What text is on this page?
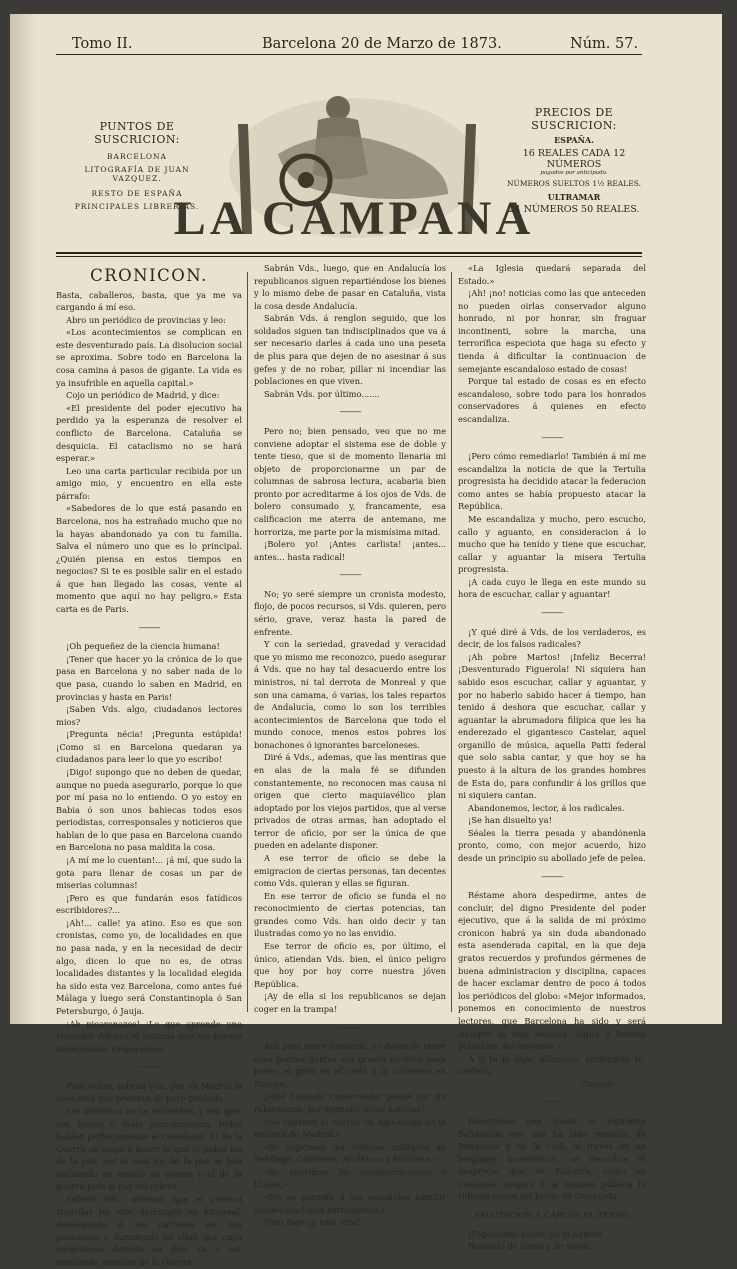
Tomo II.	Barcelona 20 de Marzo de 1873.	Núm. 57.
PUNTOS DE SUSCRICION:
BARCELONA
LITOGRAFÍA DE JUAN VAZQUEZ.
RESTO DE ESPAÑA
PRINCIPALES LIBRERÍAS.
LA CAMPANA
PRECIOS DE SUSCRICION:
ESPAÑA.
16 REALES CADA 12 NÚMEROS
pagados por anticipado.
NÚMEROS SUELTOS 1½ REALES.
ULTRAMAR
24 NÚMEROS 50 REALES.
CRONICON.

Basta, caballeros, basta, que ya me va cargando á mí eso.

Abro un periódico de provincias y leo:

«Los acontecimientos se complican en este desventurado país. La disolucion social se aproxima. Sobre todo en Barcelona la cosa camina á pasos de gigante. La vida es ya insufrible en aquella capital.»

Cojo un periódico de Madrid, y dice:

«El presidente del poder ejecutivo ha perdido ya la esperanza de resolver el conflicto de Barcelona. Cataluña se desquicia. El cataclismo no se hará esperar.»

Leo una carta particular recibida por un amigo mio, y encuentro en ella este párrafo:

«Sabedores de lo que está pasando en Barcelona, nos ha estrañado mucho que no la hayas abandonado ya con tu familia. Salva el número uno que es lo principal. ¿Quién piensa en estos tiempos en negocios? Si te es posible salir en el estado á que han llegado las cosas, vente al momento que aquí no hay peligro.» Esta carta es de Paris.

———

¡Oh pequeñez de la ciencia humana!

¡Tener que hacer yo la crónica de lo que pasa en Barcelona y no saber nada de lo que pasa, cuando lo saben en Madrid, en provincias y hasta en Paris!

¡Saben Vds. algo, ciudadanos lectores mios?

¡Pregunta nécia! ¡Pregunta estúpida! ¡Como si en Barcelona quedaran ya ciudadanos para leer lo que yo escribo!

¡Digo! supongo que no deben de quedar, aunque no pueda asegurarlo, porque lo que por mí pasa no lo entiendo. O yo estoy en Babia ó son unos bahiecas todos esos periodistas, corresponsales y noticieros que hablan de lo que pasa en Barcelona cuando en Barcelona no pasa maldita la cosa.

¡A mí me lo cuentan!... ¡á mí, que sudo la gota para llenar de cosas un par de miserias columnas!

¡Pero es que fundarán esos fatídicos escribidores?...

¡Ah!... calle! ya atino. Eso es que son cronistas, como yo, de localidades en que no pasa nada, y en la necesidad de decir algo, dicen lo que no es, de otras localidades distantes y la localidad elegida ha sido esta vez Barcelona, como antes fué Málaga y luego será Constantinopla ó San Petersburgo, ó Jauja.

¡Ah picaronazos! ¡Lo que aprende uno viviendo! Adopto el sistema que me parece inmejorable. Empecemos.

———

Pues señor, sabrán Vds. que en Madrid la cosa está que revienta de puro preñada.

Los ministros no se entienden, y eso que, con buena ó mala pronunciacion, todos hablan perfectamente el castellano. El de la Guerra se niega á hacer lo que le piden los de la paz, por lo cual los de la paz se han declarado en estado de guerra y el de la guerra pide la par del relevo.

Sabrán Vds., ademas, que el general Nouvilas ha sido derrotado en Monreal, desalojando á los carlistas de sus posiciones y durmiendo en ellas, por cuya vergonzosa derrota se dice va á ser nombrado ministro de la Guerra.

Sabrán Vds., luego, que en Andalucía los republicanos siguen repartiéndose los bienes y lo mismo debe de pasar en Cataluña, vista la cosa desde Andalucía.

Sabrán Vds. á renglon seguido, que los soldados siguen tan indisciplinados que va á ser necesario darles á cada uno una peseta de plus para que dejen de no asesinar á sus gefes y de no robar, pillar ni incendiar las poblaciones en que viven.

Sabrán Vds. por último.......

———

Pero no; bien pensado, veo que no me conviene adoptar el sistema ese de doble y tente tieso, que si de momento llenaria mi objeto de proporcionarme un par de columnas de sabrosa lectura, acabaria bien pronto por acreditarme á los ojos de Vds. de bolero consumado y, francamente, esa calificacion me aterra de antemano, me horroriza, me parte por la mismísima mitad.

¡Bolero yo! ¡Antes carlista! ¡antes... antes... hasta radical!

———

No; yo seré siempre un cronista modesto, flojo, de pocos recursos, si Vds. quieren, pero sério, grave, veraz hasta la pared de enfrente.

Y con la seriedad, gravedad y veracidad que yo mismo me reconozco, puedo asegurar á Vds. que no hay tal desacuerdo entre los ministros, ni tal derrota de Monreal y que son una camama, ó varias, los tales repartos de Andalucía, como lo son los terribles acontecimientos de Barcelona que todo el mundo conoce, menos estos pobres los bonachones ó ignorantes barceloneses.

Diré á Vds., ademas, que las mentiras que en alas de la mala fé se difunden constantemente, no reconocen mas causa ni origen que cierto maquiavélico plan adoptado por los viejos partidos, que al verse privados de otras armas, han adoptado el terror de oficio, por ser la única de que pueden en adelante disponer.

A ese terror de oficio se debe la emigracion de ciertas personas, tan decentes como Vds. quieran y ellas se figuran.

En ese terror de oficio se funda el no reconocimiento de ciertas potencias, tan grandes como Vds. han oido decir y tan ilustradas como yo no las envidio.

Ese terror de oficio es, por último, el único, atiendan Vds. bien, el único peligro que hoy por hoy corre nuestra jóven República.

¡Ay de ella si los republicanos se dejan coger en la trampa!

———

Acá para entre nosotros, no dejan de tener esas pobres gentes sus graves motivos para poner el grito en el cielo y la calumnia en Europa.

¿Qué honrado conservador puede oir sin ruborizarse, por ejemplo, estas noticias?

«Se suprime el cuerpo de bips-dalgo de la nobleza de Madrid.»

«Se suprimen las órdenes militares de Santiago, Calatrava, Alcántara y Montesa.»

«Se suprimen las condecoraciones y títulos.»

«No se permite á los españoles admitir condecoraciones extrangeras.»

Pues digo ¿y esta otra?

«La Iglesia quedará separada del Estado.»

¡Ah! ¡no! noticias como las que anteceden no pueden oirlas conservador alguno honrado, ni por honrar, sin fraguar incontinenti, sobre la marcha, una terrorífica especiota que haga su efecto y tienda á dificultar la continuacion de semejante escandaloso estado de cosas!

Porque tal estado de cosas es en efecto escandaloso, sobre todo para los honrados conservadores á quienes en efecto escandaliza.

———

¡Pero cómo remediarlo! También á mí me escandaliza la noticia de que la Tertulia progresista ha decidido atacar la federacion como antes se había propuesto atacar la República.

Me escandaliza y mucho, pero escucho, callo y aguanto, en consideracion á lo mucho que ha tenido y tiene que escuchar, callar y aguantar la misera Tertulia progresista.

¡A cada cuyo le llega en este mundo su hora de escuchar, callar y aguantar!

———

¡Y qué diré á Vds. de los verdaderos, es decir, de los falsos radicales?

¡Ah pobre Martos! ¡Infeliz Becerra! ¡Desventurado Figuerola! Ni siquiera han sabido esos escuchar, callar y aguantar, y por no haberlo sabido hacer á tiempo, han tenido á deshora que escuchar, callar y aguantar la abrumadora filípica que les ha enderezado el gigantesco Castelar, aquel organillo de música, aquella Patti federal que solo sabia cantar, y que hoy se ha puesto á la altura de los grandes hombres de Esta do, para confundir á los grillos que ni siquiera cantan.

Abandonemos, lector, á los radicales.

¡Se han disuelto ya!

Séales la tierra pesada y abandónenla pronto, como, con mejor acuerdo, hizo desde un principio su abollado jefe de pelea.

———

Réstame ahora despedirme, antes de concluir, del digno Presidente del poder ejecutivo, que á la salida de mi próximo cronicon habrá ya sin duda abandonado esta asenderada capital, en la que deja gratos recuerdos y profundos gérmenes de buena administracion y disciplina, capaces de hacer exclamar dentro de poco á todos los periódicos del globo: «Mejor informados, ponemos en conocimiento de nuestros lectores, que Barcelona ha sido y será siempre la mas sensata, digna y federal poblacion del universo.»

A ti te lo digo, alfonsino, entiéndelo tú, carlista.

Cuquelo.

—·◇·—

Insertamos con gusto la siguiente Salutacion que nos ha sido remitida de Pamplona y en la cual, al través de un lenguage humorístico, se descubre el desprecio que en Navarra, como en Cataluña, inspira á la opinion pública la ridícula causa del heróe de Oroquieta.

SALUTACION Á CÁRLOS EL TERSO.

¡Fogosísimo bruto, yo te admiro

Rodeado de curas y de viejas,
